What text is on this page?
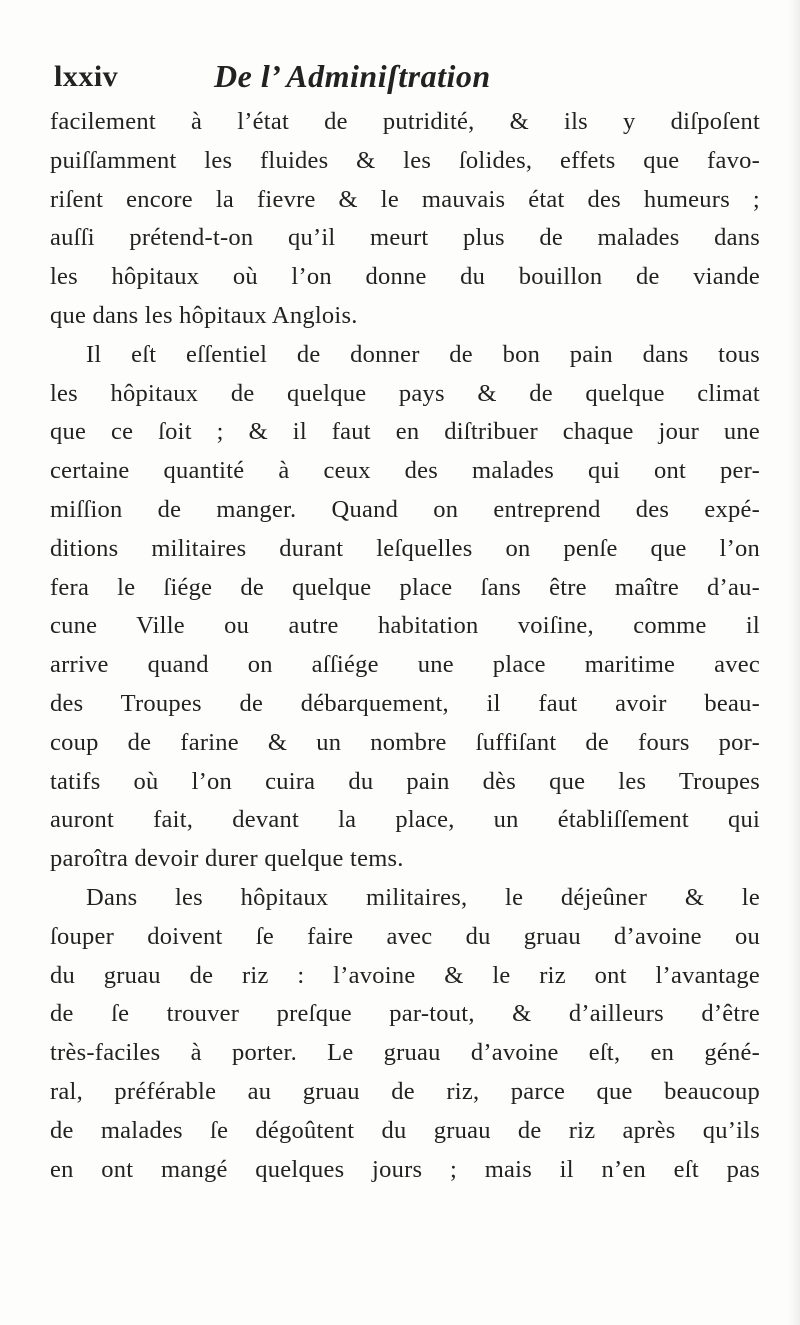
lxxiv	De l’ Adminiſtration
facilement à l’état de putridité, & ils y diſpoſent
puiſſamment les fluides & les ſolides, effets que favo-
riſent encore la fievre & le mauvais état des humeurs ;
auſſi prétend-t-on qu’il meurt plus de malades dans
les hôpitaux où l’on donne du bouillon de viande
que dans les hôpitaux Anglois.
Il eſt eſſentiel de donner de bon pain dans tous
les hôpitaux de quelque pays & de quelque climat
que ce ſoit ; & il faut en diſtribuer chaque jour une
certaine quantité à ceux des malades qui ont per-
miſſion de manger. Quand on entreprend des expé-
ditions militaires durant leſquelles on penſe que l’on
fera le ſiége de quelque place ſans être maître d’au-
cune Ville ou autre habitation voiſine, comme il
arrive quand on aſſiége une place maritime avec
des Troupes de débarquement, il faut avoir beau-
coup de farine & un nombre ſuffiſant de fours por-
tatifs où l’on cuira du pain dès que les Troupes
auront fait, devant la place, un établiſſement qui
paroîtra devoir durer quelque tems.
Dans les hôpitaux militaires, le déjeûner & le
ſouper doivent ſe faire avec du gruau d’avoine ou
du gruau de riz : l’avoine & le riz ont l’avantage
de ſe trouver preſque par-tout, & d’ailleurs d’être
très-faciles à porter. Le gruau d’avoine eſt, en géné-
ral, préférable au gruau de riz, parce que beaucoup
de malades ſe dégoûtent du gruau de riz après qu’ils
en ont mangé quelques jours ; mais il n’en eſt pas
